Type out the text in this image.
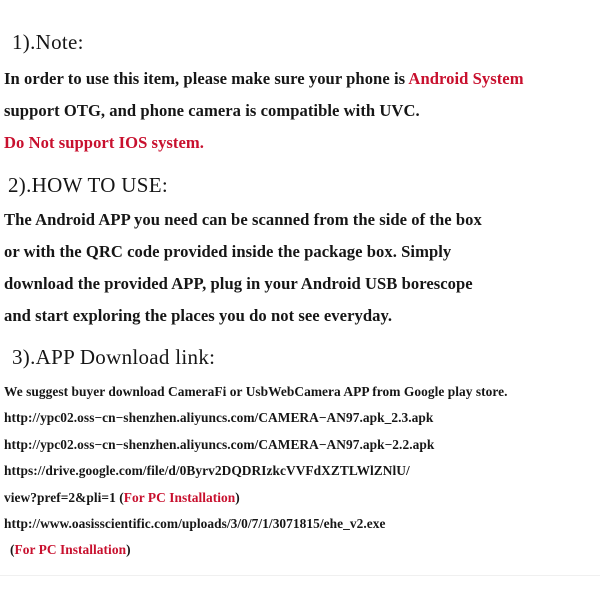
1).Note:
In order to use this item, please make sure your phone is Android System
support OTG, and phone camera is compatible with UVC.
Do Not support IOS system.
2).HOW TO USE:
The Android APP you need can be scanned from the side of the box
or with the QRC code provided inside the package box. Simply
download the provided APP, plug in your Android USB borescope
and start exploring the places you do not see everyday.
3).APP Download link:
We suggest buyer download CameraFi or UsbWebCamera APP from Google play store.
http://ypc02.oss−cn−shenzhen.aliyuncs.com/CAMERA−AN97.apk_2.3.apk
http://ypc02.oss−cn−shenzhen.aliyuncs.com/CAMERA−AN97.apk−2.2.apk
https://drive.google.com/file/d/0Byrv2DQDRIzkcVVFdXZTLWlZNlU/
view?pref=2&pli=1 (For PC Installation)
http://www.oasisscientific.com/uploads/3/0/7/1/3071815/ehe_v2.exe
(For PC Installation)
